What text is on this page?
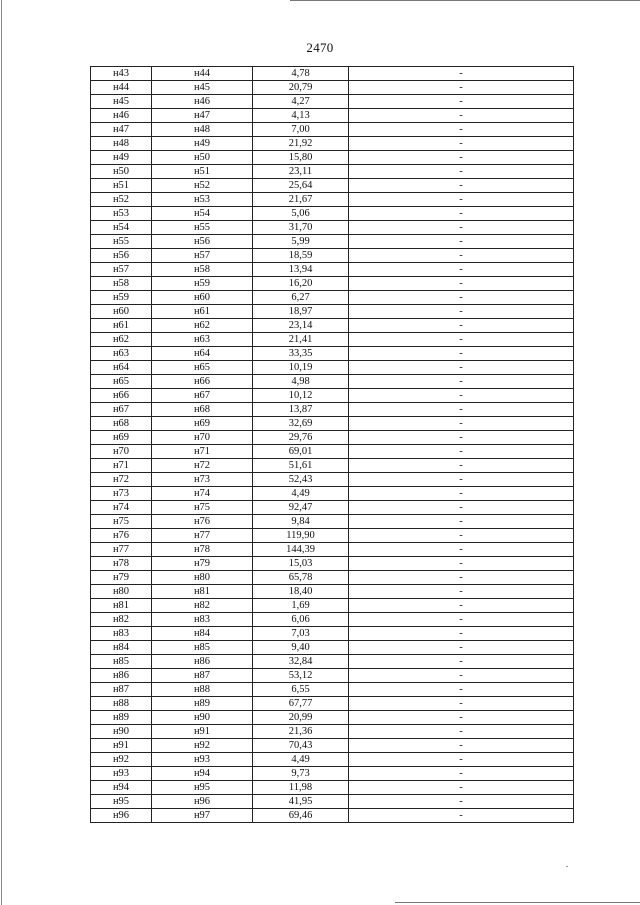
2470
н43	н44	4,78	-
н44	н45	20,79	-
н45	н46	4,27	-
н46	н47	4,13	-
н47	н48	7,00	-
н48	н49	21,92	-
н49	н50	15,80	-
н50	н51	23,11	-
н51	н52	25,64	-
н52	н53	21,67	-
н53	н54	5,06	-
н54	н55	31,70	-
н55	н56	5,99	-
н56	н57	18,59	-
н57	н58	13,94	-
н58	н59	16,20	-
н59	н60	6,27	-
н60	н61	18,97	-
н61	н62	23,14	-
н62	н63	21,41	-
н63	н64	33,35	-
н64	н65	10,19	-
н65	н66	4,98	-
н66	н67	10,12	-
н67	н68	13,87	-
н68	н69	32,69	-
н69	н70	29,76	-
н70	н71	69,01	-
н71	н72	51,61	-
н72	н73	52,43	-
н73	н74	4,49	-
н74	н75	92,47	-
н75	н76	9,84	-
н76	н77	119,90	-
н77	н78	144,39	-
н78	н79	15,03	-
н79	н80	65,78	-
н80	н81	18,40	-
н81	н82	1,69	-
н82	н83	6,06	-
н83	н84	7,03	-
н84	н85	9,40	-
н85	н86	32,84	-
н86	н87	53,12	-
н87	н88	6,55	-
н88	н89	67,77	-
н89	н90	20,99	-
н90	н91	21,36	-
н91	н92	70,43	-
н92	н93	4,49	-
н93	н94	9,73	-
н94	н95	11,98	-
н95	н96	41,95	-
н96	н97	69,46	-
